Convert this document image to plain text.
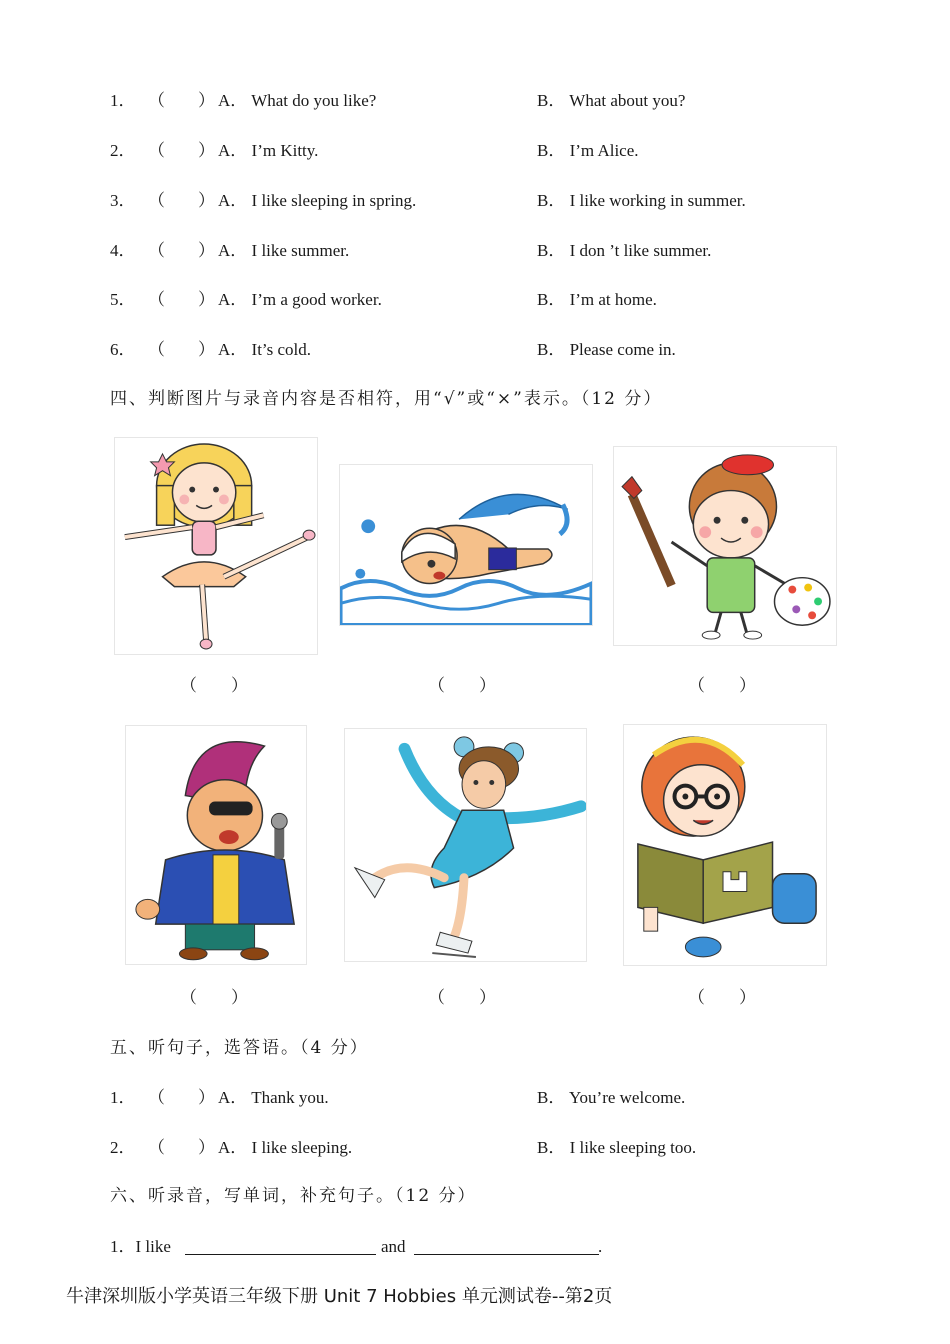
1． （ ） A． What do you like?	B． What about you?
2． （ ） A． I’m Kitty.	B． I’m Alice.
3． （ ） A． I like sleeping in spring.	B． I like working in summer.
4． （ ） A． I like summer.	B． I don ’t like summer.
5． （ ） A． I’m a good worker.	B． I’m at home.
6． （ ） A． It’s cold.	B． Please come in.
四、判断图片与录音内容是否相符，用“√”或“×”表示。（12 分）
（        ）	（        ）	（        ）
（        ）	（        ）	（        ）
五、听句子，选答语。（4 分）
1． （ ） A． Thank you.	B． You’re welcome.
2． （ ） A． I like sleeping.	B． I like sleeping too.
六、听录音，写单词，补充句子。（12 分）
1．I like	and	.
牛津深圳版小学英语三年级下册 Unit 7 Hobbies 单元测试卷--第2页
